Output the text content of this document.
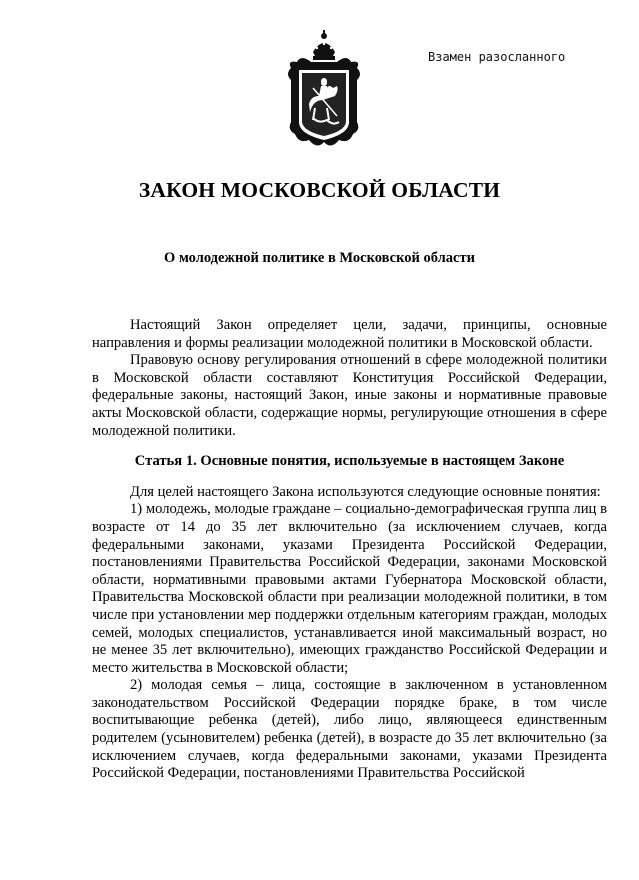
Взамен разосланного
ЗАКОН МОСКОВСКОЙ ОБЛАСТИ
О молодежной политике в Московской области

Настоящий Закон определяет цели, задачи, принципы, основные направления и формы реализации молодежной политики в Московской области.

Правовую основу регулирования отношений в сфере молодежной политики в Московской области составляют Конституция Российской Федерации, федеральные законы, настоящий Закон, иные законы и нормативные правовые акты Московской области, содержащие нормы, регулирующие отношения в сфере молодежной политики.

Статья 1. Основные понятия, используемые в настоящем Законе

Для целей настоящего Закона используются следующие основные понятия:

1) молодежь, молодые граждане – социально-демографическая группа лиц в возрасте от 14 до 35 лет включительно (за исключением случаев, когда федеральными законами, указами Президента Российской Федерации, постановлениями Правительства Российской Федерации, законами Московской области, нормативными правовыми актами Губернатора Московской области, Правительства Московской области при реализации молодежной политики, в том числе при установлении мер поддержки отдельным категориям граждан, молодых семей, молодых специалистов, устанавливается иной максимальный возраст, но не менее 35 лет включительно), имеющих гражданство Российской Федерации и место жительства в Московской области;

2) молодая семья – лица, состоящие в заключенном в установленном законодательством Российской Федерации порядке браке, в том числе воспитывающие ребенка (детей), либо лицо, являющееся единственным родителем (усыновителем) ребенка (детей), в возрасте до 35 лет включительно (за исключением случаев, когда федеральными законами, указами Президента Российской Федерации, постановлениями Правительства Российской
